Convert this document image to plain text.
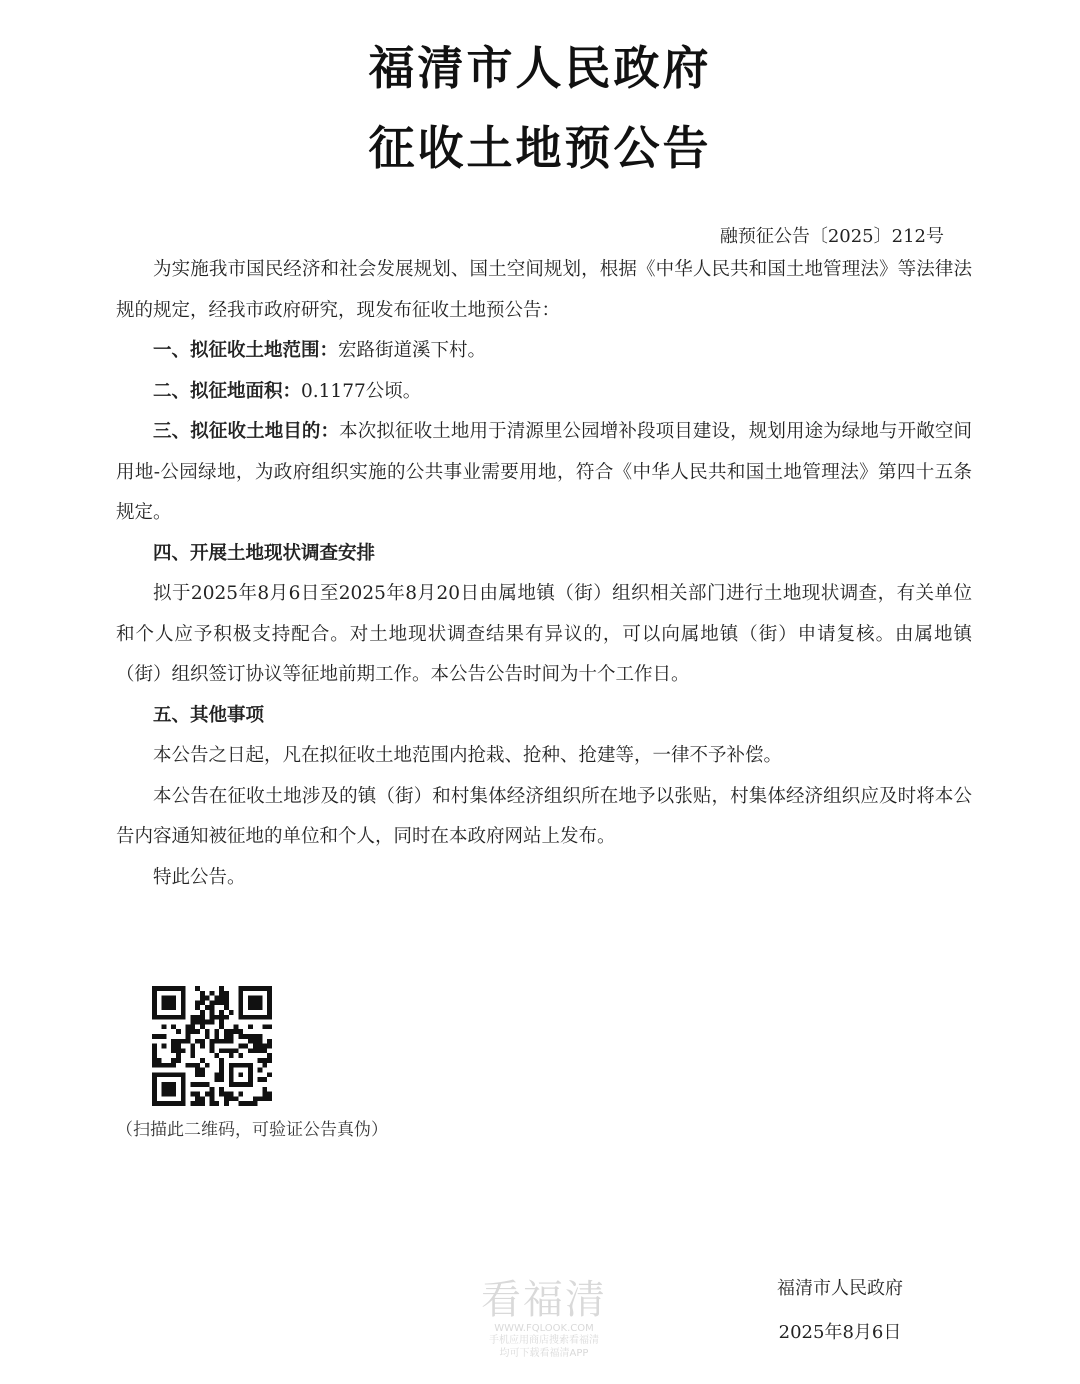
福清市人民政府
征收土地预公告
融预征公告〔2025〕212号

为实施我市国民经济和社会发展规划、国土空间规划，根据《中华人民共和国土地管理法》等法律法规的规定，经我市政府研究，现发布征收土地预公告：

一、拟征收土地范围：宏路街道溪下村。

二、拟征地面积：0.1177公顷。

三、拟征收土地目的：本次拟征收土地用于清源里公园增补段项目建设，规划用途为绿地与开敞空间用地-公园绿地，为政府组织实施的公共事业需要用地，符合《中华人民共和国土地管理法》第四十五条规定。

四、开展土地现状调查安排

拟于2025年8月6日至2025年8月20日由属地镇（街）组织相关部门进行土地现状调查，有关单位和个人应予积极支持配合。对土地现状调查结果有异议的，可以向属地镇（街）申请复核。由属地镇（街）组织签订协议等征地前期工作。本公告公告时间为十个工作日。

五、其他事项

本公告之日起，凡在拟征收土地范围内抢栽、抢种、抢建等，一律不予补偿。

本公告在征收土地涉及的镇（街）和村集体经济组织所在地予以张贴，村集体经济组织应及时将本公告内容通知被征地的单位和个人，同时在本政府网站上发布。

特此公告。

（扫描此二维码，可验证公告真伪）
看福清
WWW.FQLOOK.COM
手机应用商店搜索看福清
均可下载看福清APP
福清市人民政府
2025年8月6日
